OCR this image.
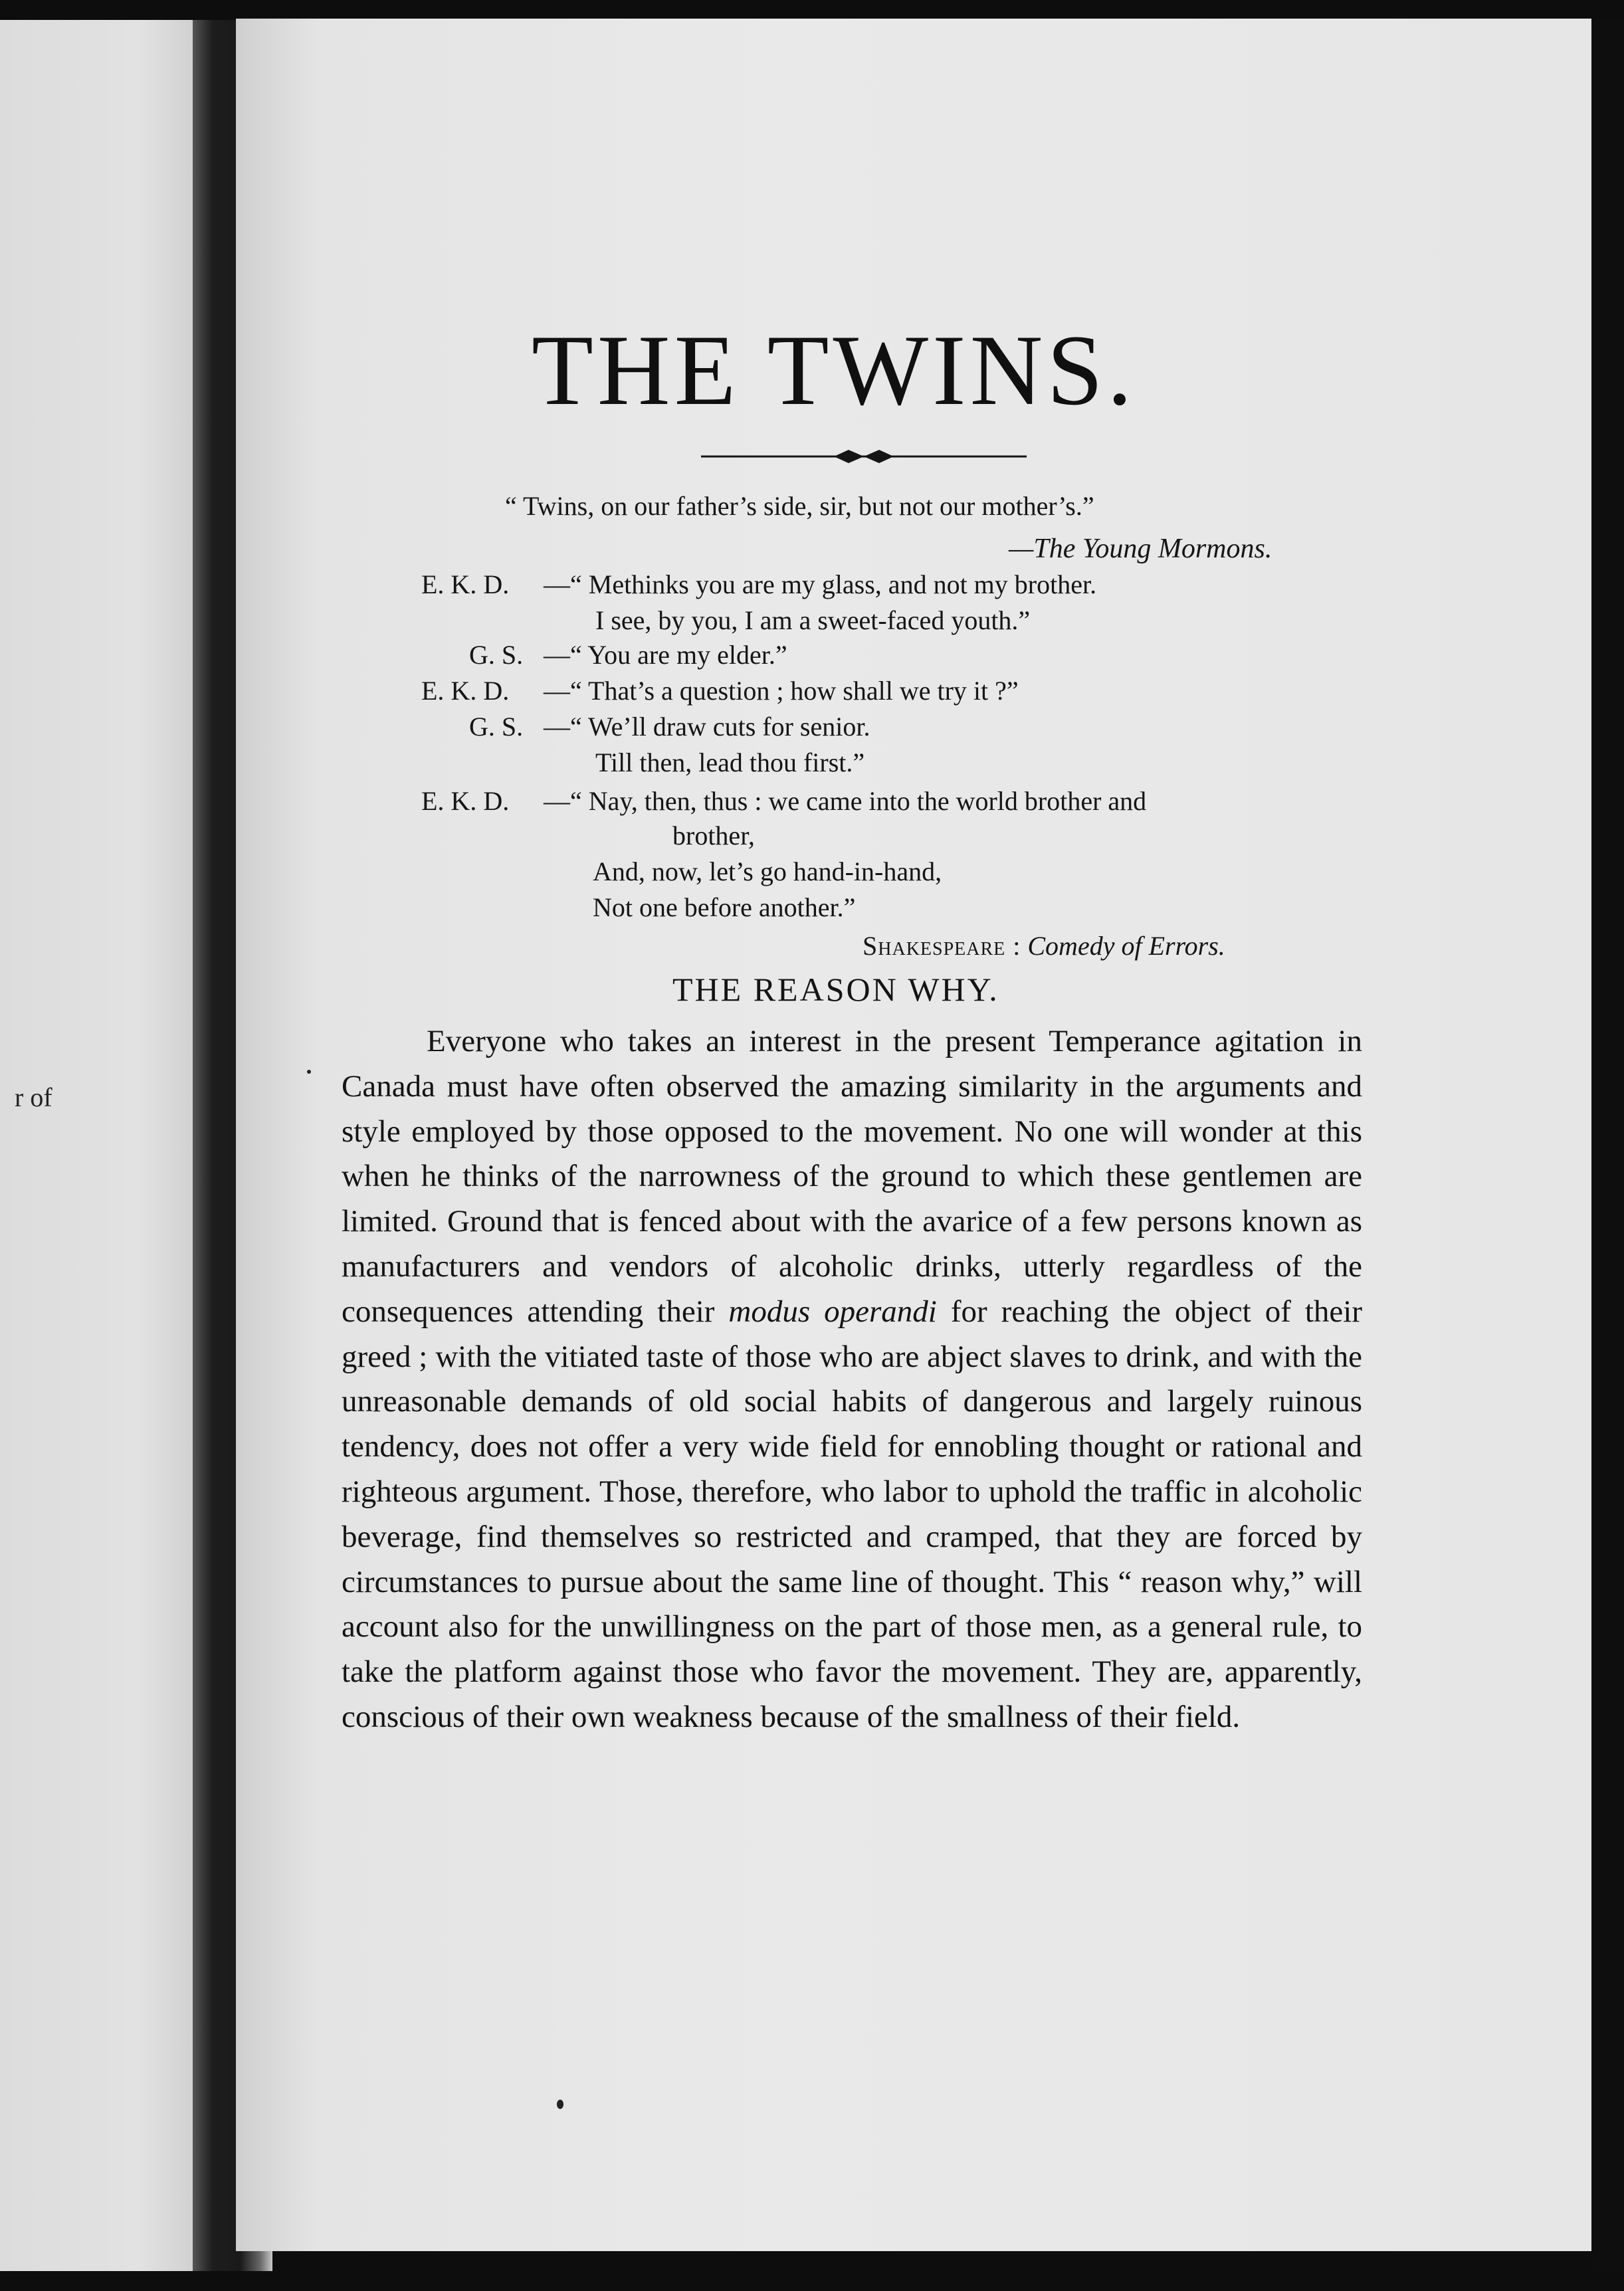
r of
THE TWINS.
“ Twins, on our father’s side, sir, but not our mother’s.”
—The Young Mormons.
E. K. D. —“ Methinks you are my glass, and not my brother.
I see, by you, I am a sweet-faced youth.”
G. S. —“ You are my elder.”
E. K. D. —“ That’s a question ; how shall we try it ?”
G. S. —“ We’ll draw cuts for senior.
Till then, lead thou first.”
E. K. D. —“ Nay, then, thus : we came into the world brother and
brother,
And, now, let’s go hand-in-hand,
Not one before another.”
Shakespeare : Comedy of Errors.
THE REASON WHY.
Everyone who takes an interest in the present Temperance agitation in Canada must have often observed the amazing similarity in the arguments and style employed by those opposed to the movement. No one will wonder at this when he thinks of the narrowness of the ground to which these gentlemen are limited. Ground that is fenced about with the avarice of a few persons known as manufacturers and vendors of alcoholic drinks, utterly regardless of the consequences attending their modus operandi for reaching the object of their greed ; with the vitiated taste of those who are abject slaves to drink, and with the unreasonable demands of old social habits of dangerous and largely ruinous tendency, does not offer a very wide field for ennobling thought or rational and righteous argument. Those, therefore, who labor to uphold the traffic in alcoholic beverage, find themselves so restricted and cramped, that they are forced by circumstances to pursue about the same line of thought. This “ reason why,” will account also for the unwillingness on the part of those men, as a general rule, to take the platform against those who favor the movement. They are, apparently, conscious of their own weakness because of the smallness of their field.
